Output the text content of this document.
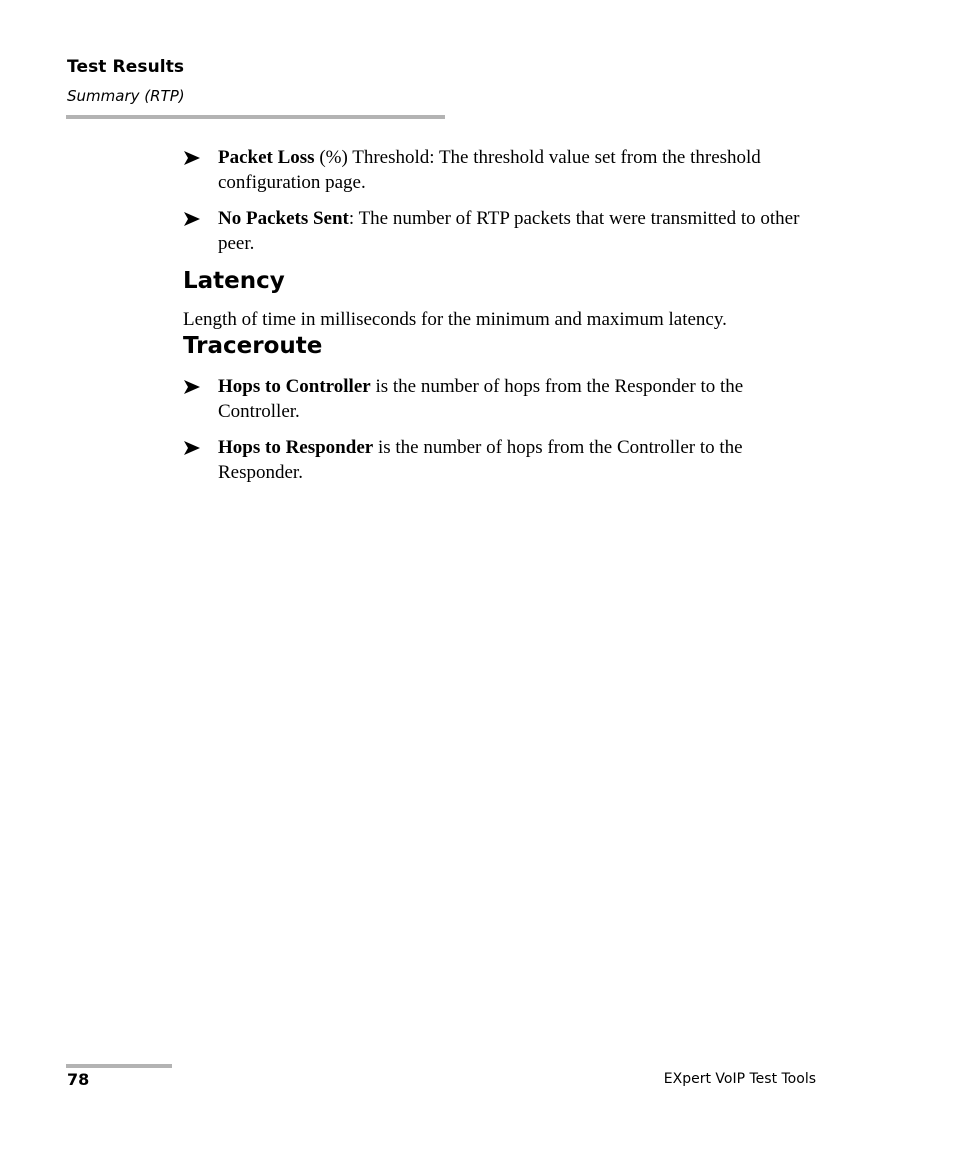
Test Results

Summary (RTP)

Packet Loss (%) Threshold: The threshold value set from the threshold configuration page.

No Packets Sent: The number of RTP packets that were transmitted to other peer.

Latency

Length of time in milliseconds for the minimum and maximum latency.

Traceroute

Hops to Controller is the number of hops from the Responder to the Controller.

Hops to Responder is the number of hops from the Controller to the Responder.

78	EXpert VoIP Test Tools
